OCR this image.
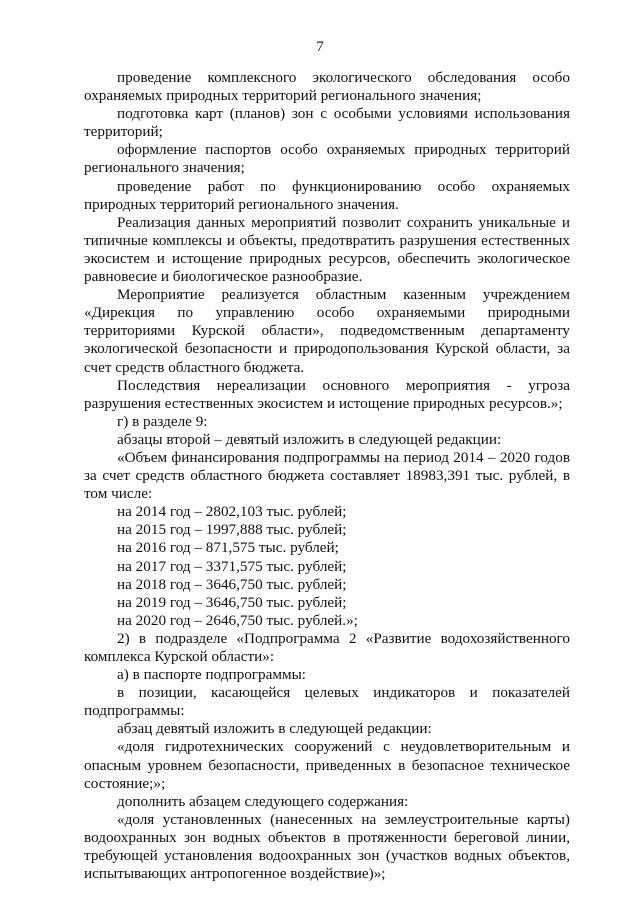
7

проведение комплексного экологического обследования особо охраняемых природных территорий регионального значения;

подготовка карт (планов) зон с особыми условиями использования территорий;

оформление паспортов особо охраняемых природных территорий регионального значения;

проведение работ по функционированию особо охраняемых природных территорий регионального значения.

Реализация данных мероприятий позволит сохранить уникальные и типичные комплексы и объекты, предотвратить разрушения естественных экосистем и истощение природных ресурсов, обеспечить экологическое равновесие и биологическое разнообразие.

Мероприятие реализуется областным казенным учреждением «Дирекция по управлению особо охраняемыми природными территориями Курской области», подведомственным департаменту экологической безопасности и природопользования Курской области, за счет средств областного бюджета.

Последствия нереализации основного мероприятия - угроза разрушения естественных экосистем и истощение природных ресурсов.»;

г) в разделе 9:

абзацы второй – девятый изложить в следующей редакции:

«Объем финансирования подпрограммы на период 2014 – 2020 годов за счет средств областного бюджета составляет 18983,391 тыс. рублей, в том числе:

на 2014 год – 2802,103 тыс. рублей;

на 2015 год – 1997,888 тыс. рублей;

на 2016 год – 871,575 тыс. рублей;

на 2017 год – 3371,575 тыс. рублей;

на 2018 год – 3646,750 тыс. рублей;

на 2019 год – 3646,750 тыс. рублей;

на 2020 год – 2646,750 тыс. рублей.»;

2) в подразделе «Подпрограмма 2 «Развитие водохозяйственного комплекса Курской области»:

а) в паспорте подпрограммы:

в позиции, касающейся целевых индикаторов и показателей подпрограммы:

абзац девятый изложить в следующей редакции:

«доля гидротехнических сооружений с неудовлетворительным и опасным уровнем безопасности, приведенных в безопасное техническое состояние;»;

дополнить абзацем следующего содержания:

«доля установленных (нанесенных на землеустроительные карты) водоохранных зон водных объектов в протяженности береговой линии, требующей установления водоохранных зон (участков водных объектов, испытывающих антропогенное воздействие)»;
